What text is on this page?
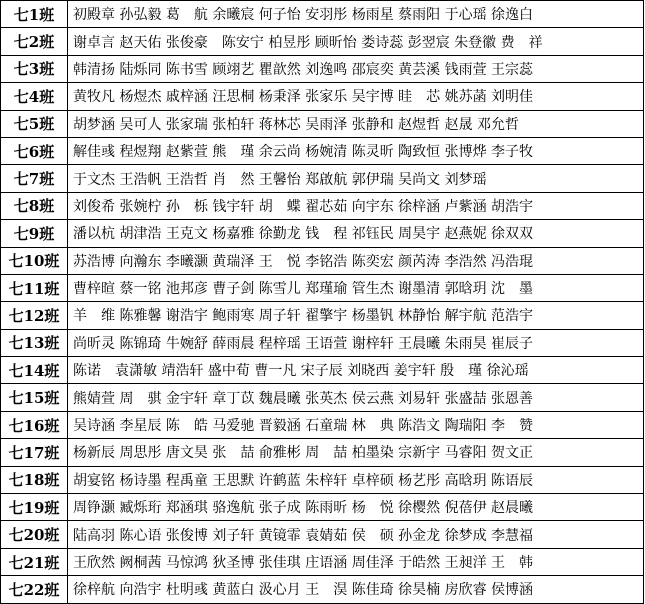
七1班	初殿章 孙弘毅 葛　航 余曦宸 何子怡 安羽彤 杨雨星 蔡雨阳 于心瑶 徐逸白
七2班	谢卓言 赵天佑 张俊豪　陈安宁 柏昱彤 顾昕怡 娄诗蕊 彭翌宸 朱登徽 费　祥
七3班	韩清扬 陆烁同 陈书雪 顾翊艺 瞿歆然 刘逸鸣 邵宸奕 黄芸溪 钱雨萱 王宗蕊
七4班	黄牧凡 杨煜杰 戚梓涵 汪思桐 杨秉泽 张家乐 吴宇博 眭　芯 姚苏菡 刘明佳
七5班	胡梦涵 吴可人 张家瑞 张柏轩 蒋林芯 吴雨泽 张静和 赵煜哲 赵晟 邓允哲
七6班	解佳彧 程煜翔 赵紫萱 熊　瑾 余云尚 杨婉清 陈灵昕 陶致恒 张博烨 李子牧
七7班	于文杰 王浩帆 王浩哲 肖　然 王馨怡 郑啟航 郭伊瑞 吴尚文 刘梦瑶
七8班	刘俊希 张婉柠 孙　栎 钱宇轩 胡　蝶 翟芯茹 向宇东 徐梓涵 卢紫涵 胡浩宇
七9班	潘以杭 胡津浩 王克文 杨嘉雅 徐勤龙 钱　程 祁钰民 周昊宇 赵燕妮 徐双双
七10班	苏浩博 向瀚东 李曦灏 黄瑞泽 王　悦 李铭浩 陈奕宏 颜芮涛 李浩然 冯浩琨
七11班	曹梓暄 蔡一铭 池邦彦 曹子剑 陈雪儿 郑瑾瑜 管生杰 谢墨清 郭晗玥 沈　墨
七12班	羊　维 陈雅馨 谢浩宇 鲍雨寒 周子轩 翟擎宇 杨墨钒 林静怡 解宇航 范浩宇
七13班	尚昕灵 陈锦琦 牛婉舒 薛雨晨 程梓瑶 王语萱 谢梓轩 王晨曦 朱雨昊 崔辰子
七14班	陈诺　袁潇敏 靖浩轩 盛中荀 曹一凡 宋子辰 刘晓西 姜宇轩 殷　瑾 徐沁瑶
七15班	熊婧萱 周　骐 金宇轩 章丁苡 魏晨曦 张英杰 侯云燕 刘易轩 张盛喆 张恩善
七16班	吴诗涵 李星辰 陈　皓 马爱驰 晋毅涵 石童瑞 林　典 陈浩文 陶瑞阳 李　赞
七17班	杨新辰 周思彤 唐文昊 张　喆 俞雅彬 周　喆 柏墨染 宗新宇 马睿阳 贺文正
七18班	胡宴铭 杨诗墨 程禹童 王思默 许鹤蓝 朱梓轩 卓梓硕 杨艺彤 高晗玥 陈语辰
七19班	周铮灏 臧烁珩 郑涵琪 骆逸航 张子成 陈雨昕 杨　悦 徐樱然 倪蓓伊 赵晨曦
七20班	陆高羽 陈心语 张俊博 刘子轩 黄镜霏 袁婧茹 侯　硕 孙金龙 徐梦成 李慧福
七21班	王欣然 阙桐茜 马惊鸿 狄圣博 张佳琪 庄语涵 周佳泽 于皓然 王昶洋 王　韩
七22班	徐梓航 向浩宇 杜明彧 黄蓝白 汲心月 王　淏 陈佳琦 徐昊楠 房欣睿 侯博涵
